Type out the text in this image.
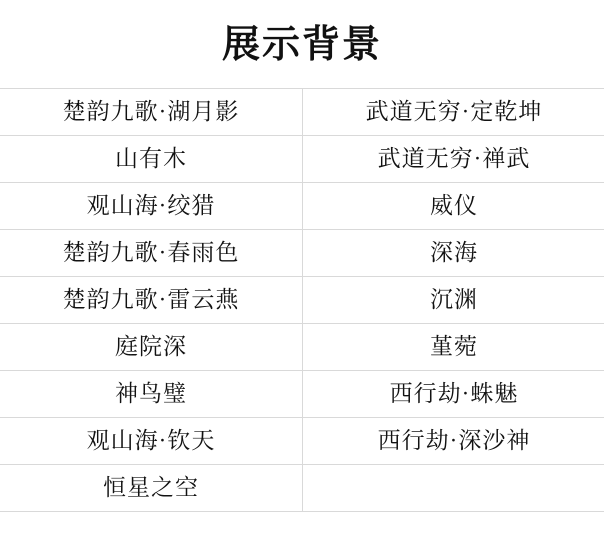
展示背景
楚韵九歌·湖月影	武道无穷·定乾坤
山有木	武道无穷·禅武
观山海·绞猎	威仪
楚韵九歌·春雨色	深海
楚韵九歌·雷云燕	沉渊
庭院深	堇菀
神鸟璧	西行劫·蛛魅
观山海·钦天	西行劫·深沙神
恒星之空	
